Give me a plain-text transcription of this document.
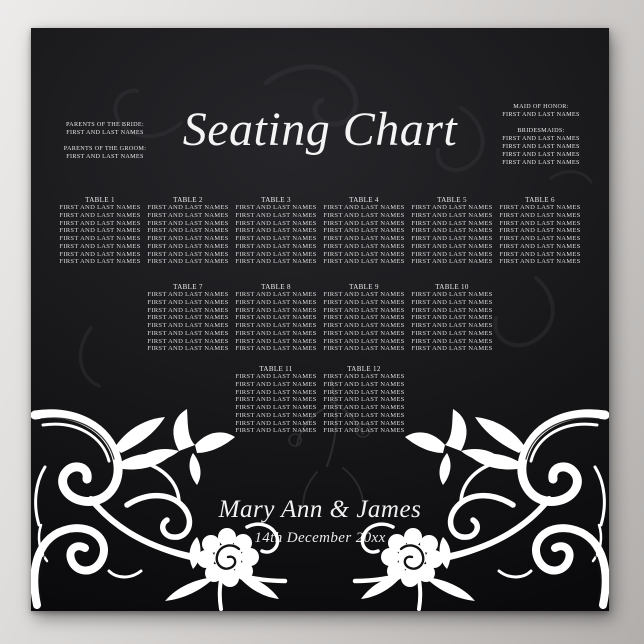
PARENTS OF THE BRIDE:
FIRST AND LAST NAMES
PARENTS OF THE GROOM:
FIRST AND LAST NAMES
Seating Chart	MAID OF HONOR:
FIRST AND LAST NAMES
BRIDESMAIDS:
FIRST AND LAST NAMES
FIRST AND LAST NAMES
FIRST AND LAST NAMES
FIRST AND LAST NAMES
TABLE 1
FIRST AND LAST NAMES
FIRST AND LAST NAMES
FIRST AND LAST NAMES
FIRST AND LAST NAMES
FIRST AND LAST NAMES
FIRST AND LAST NAMES
FIRST AND LAST NAMES
FIRST AND LAST NAMES
TABLE 2
FIRST AND LAST NAMES
FIRST AND LAST NAMES
FIRST AND LAST NAMES
FIRST AND LAST NAMES
FIRST AND LAST NAMES
FIRST AND LAST NAMES
FIRST AND LAST NAMES
FIRST AND LAST NAMES
TABLE 3
FIRST AND LAST NAMES
FIRST AND LAST NAMES
FIRST AND LAST NAMES
FIRST AND LAST NAMES
FIRST AND LAST NAMES
FIRST AND LAST NAMES
FIRST AND LAST NAMES
FIRST AND LAST NAMES
TABLE 4
FIRST AND LAST NAMES
FIRST AND LAST NAMES
FIRST AND LAST NAMES
FIRST AND LAST NAMES
FIRST AND LAST NAMES
FIRST AND LAST NAMES
FIRST AND LAST NAMES
FIRST AND LAST NAMES
TABLE 5
FIRST AND LAST NAMES
FIRST AND LAST NAMES
FIRST AND LAST NAMES
FIRST AND LAST NAMES
FIRST AND LAST NAMES
FIRST AND LAST NAMES
FIRST AND LAST NAMES
FIRST AND LAST NAMES
TABLE 6
FIRST AND LAST NAMES
FIRST AND LAST NAMES
FIRST AND LAST NAMES
FIRST AND LAST NAMES
FIRST AND LAST NAMES
FIRST AND LAST NAMES
FIRST AND LAST NAMES
FIRST AND LAST NAMES
TABLE 7
FIRST AND LAST NAMES
FIRST AND LAST NAMES
FIRST AND LAST NAMES
FIRST AND LAST NAMES
FIRST AND LAST NAMES
FIRST AND LAST NAMES
FIRST AND LAST NAMES
FIRST AND LAST NAMES
TABLE 8
FIRST AND LAST NAMES
FIRST AND LAST NAMES
FIRST AND LAST NAMES
FIRST AND LAST NAMES
FIRST AND LAST NAMES
FIRST AND LAST NAMES
FIRST AND LAST NAMES
FIRST AND LAST NAMES
TABLE 9
FIRST AND LAST NAMES
FIRST AND LAST NAMES
FIRST AND LAST NAMES
FIRST AND LAST NAMES
FIRST AND LAST NAMES
FIRST AND LAST NAMES
FIRST AND LAST NAMES
FIRST AND LAST NAMES
TABLE 10
FIRST AND LAST NAMES
FIRST AND LAST NAMES
FIRST AND LAST NAMES
FIRST AND LAST NAMES
FIRST AND LAST NAMES
FIRST AND LAST NAMES
FIRST AND LAST NAMES
FIRST AND LAST NAMES
TABLE 11
FIRST AND LAST NAMES
FIRST AND LAST NAMES
FIRST AND LAST NAMES
FIRST AND LAST NAMES
FIRST AND LAST NAMES
FIRST AND LAST NAMES
FIRST AND LAST NAMES
FIRST AND LAST NAMES
TABLE 12
FIRST AND LAST NAMES
FIRST AND LAST NAMES
FIRST AND LAST NAMES
FIRST AND LAST NAMES
FIRST AND LAST NAMES
FIRST AND LAST NAMES
FIRST AND LAST NAMES
FIRST AND LAST NAMES
Mary Ann & James
14th December 20xx
